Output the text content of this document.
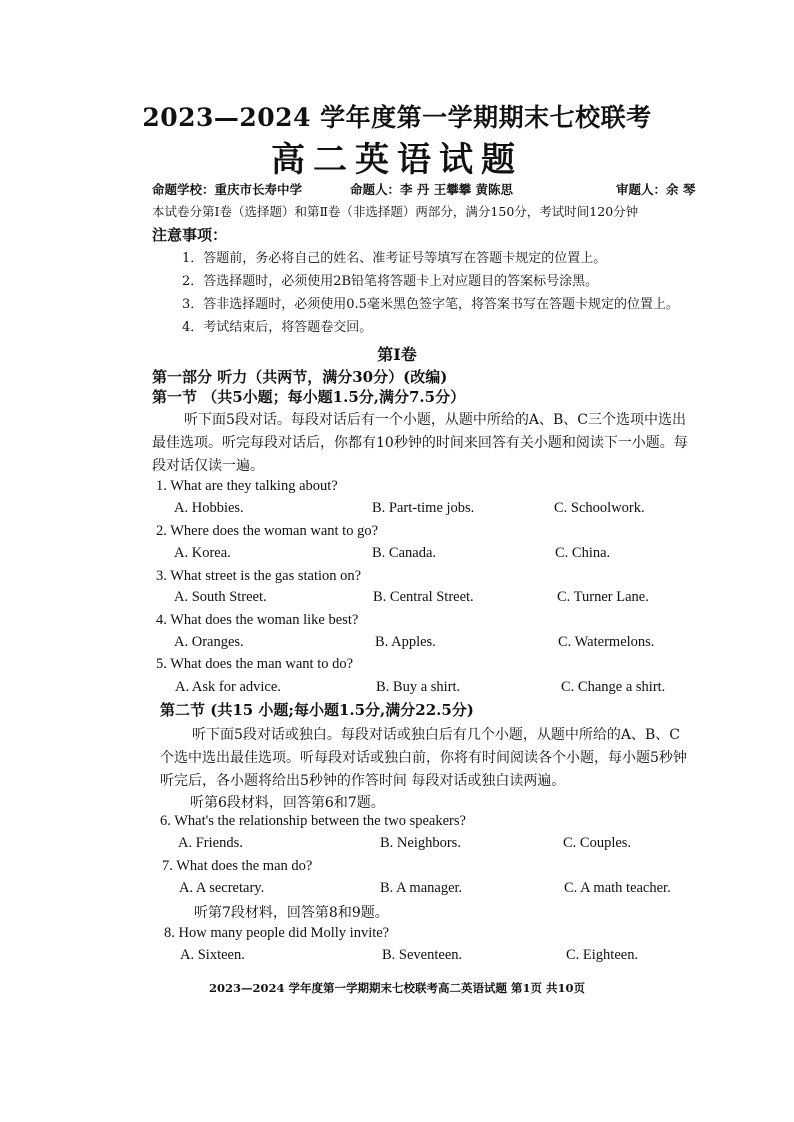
2023—2024 学年度第一学期期末七校联考
高二英语试题
命题学校：重庆市长寿中学	命题人：李 丹 王攀攀 黄陈思	审题人：余 琴
本试卷分第Ⅰ卷（选择题）和第Ⅱ卷（非选择题）两部分，满分150分，考试时间120分钟
注意事项：
1．答题前，务必将自己的姓名、准考证号等填写在答题卡规定的位置上。
2．答选择题时，必须使用2B铅笔将答题卡上对应题目的答案标号涂黑。
3．答非选择题时，必须使用0.5毫米黑色签字笔，将答案书写在答题卡规定的位置上。
4．考试结束后，将答题卷交回。
第Ⅰ卷
第一部分 听力（共两节，满分30分）(改编)
第一节 （共5小题；每小题1.5分,满分7.5分）
听下面5段对话。每段对话后有一个小题，从题中所给的A、B、C三个选项中选出
最佳选项。听完每段对话后，你都有10秒钟的时间来回答有关小题和阅读下一小题。每
段对话仅读一遍。
1. What are they talking about?
A. Hobbies.	B. Part-time jobs.	C. Schoolwork.
2. Where does the woman want to go?
A. Korea.	B. Canada.	C. China.
3. What street is the gas station on?
A. South Street.	B. Central Street.	C. Turner Lane.
4. What does the woman like best?
A. Oranges.	B. Apples.	C. Watermelons.
5. What does the man want to do?
A. Ask for advice.	B. Buy a shirt.	C. Change a shirt.
第二节 (共15 小题;每小题1.5分,满分22.5分)
听下面5段对话或独白。每段对话或独白后有几个小题，从题中所给的A、B、C
个选中选出最佳选项。听每段对话或独白前，你将有时间阅读各个小题，每小题5秒钟
听完后，各小题将给出5秒钟的作答时间 每段对话或独白读两遍。
听第6段材料，回答第6和7题。
6. What's the relationship between the two speakers?
A. Friends.	B. Neighbors.	C. Couples.
7. What does the man do?
A. A secretary.	B. A manager.	C. A math teacher.
听第7段材料，回答第8和9题。
8. How many people did Molly invite?
A. Sixteen.	B. Seventeen.	C. Eighteen.
2023—2024 学年度第一学期期末七校联考高二英语试题 第1页 共10页
